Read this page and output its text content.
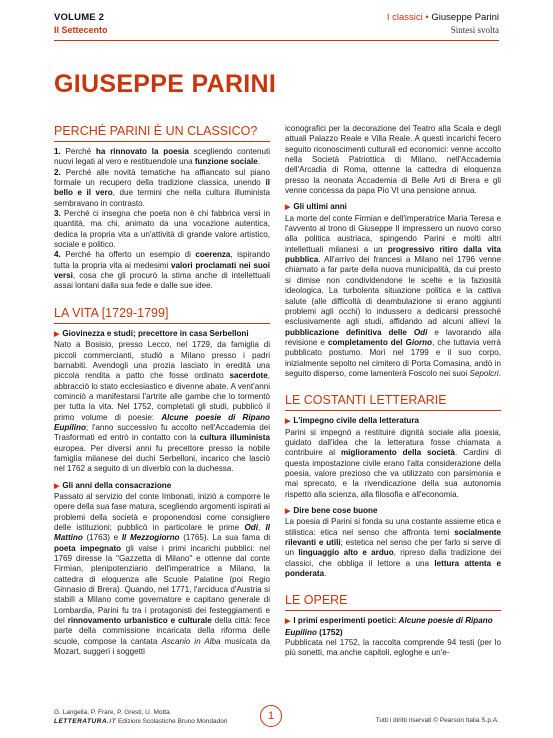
VOLUME 2
Il Settecento
I classici • Giuseppe Parini
Sintesi svolta
GIUSEPPE PARINI
PERCHÉ PARINI È UN CLASSICO?

1. Perché ha rinnovato la poesia scegliendo contenuti nuovi legati al vero e restituendole una funzione sociale.

2. Perché alle novità tematiche ha affiancato sul piano formale un recupero della tradizione classica, unendo il bello e il vero, due termini che nella cultura illuminista sembravano in contrasto.

3. Perché ci insegna che poeta non è chi fabbrica versi in quantità, ma chi, animato da una vocazione autentica, dedica la propria vita a un'attività di grande valore artistico, sociale e politico.

4. Perché ha offerto un esempio di coerenza, ispirando tutta la propria vita ai medesimi valori proclamati nei suoi versi, cosa che gli procurò la stima anche di intellettuali assai lontani dalla sua fede e dalle sue idee.

LA VITA [1729-1799]
▶ Giovinezza e studi; precettore in casa Serbelloni

Nato a Bosisio, presso Lecco, nel 1729, da famiglia di piccoli commercianti, studiò a Milano presso i padri barnabiti. Avendogli una prozia lasciato in eredità una piccola rendita a patto che fosse ordinato sacerdote, abbracciò lo stato ecclesiastico e divenne abate. A vent'anni cominciò a manifestarsi l'artrite alle gambe che lo tormentò per tutta la vita. Nel 1752, completati gli studi, pubblicò il primo volume di poesie: Alcune poesie di Ripano Eupilino; l'anno successivo fu accolto nell'Accademia dei Trasformati ed entrò in contatto con la cultura illuminista europea. Per diversi anni fu precettore presso la nobile famiglia milanese dei duchi Serbelloni, incarico che lasciò nel 1762 a seguito di un diverbio con la duchessa.

▶ Gli anni della consacrazione

Passato al servizio del conte Imbonati, iniziò a comporre le opere della sua fase matura, scegliendo argomenti ispirati ai problemi della società e proponendosi come consigliere delle istituzioni; pubblicò in particolare le prime Odi, Il Mattino (1763) e Il Mezzogiorno (1765). La sua fama di poeta impegnato gli valse i primi incarichi pubblici: nel 1769 diresse la "Gazzetta di Milano" e ottenne dal conte Firmian, plenipotenziario dell'imperatrice a Milano, la cattedra di eloquenza alle Scuole Palatine (poi Regio Ginnasio di Brera). Quando, nel 1771, l'arciduca d'Austria si stabilì a Milano come governatore e capitano generale di Lombardia, Parini fu tra i protagonisti dei festeggiamenti e del rinnovamento urbanistico e culturale della città: fece parte della commissione incaricata della riforma delle scuole, compose la cantata Ascanio in Alba musicata da Mozart, suggerì i soggetti

iconografici per la decorazione del Teatro alla Scala e degli attuali Palazzo Reale e Villa Reale. A questi incarichi fecero seguito riconoscimenti culturali ed economici: venne accolto nella Società Patriottica di Milano, nell'Accademia dell'Arcadia di Roma, ottenne la cattedra di eloquenza presso la neonata Accademia di Belle Arti di Brera e gli venne concessa da papa Pio VI una pensione annua.

▶ Gli ultimi anni

La morte del conte Firmian e dell'imperatrice Maria Teresa e l'avvento al trono di Giuseppe II impressero un nuovo corso alla politica austriaca, spingendo Parini e molti altri intellettuali milanesi a un progressivo ritiro dalla vita pubblica. All'arrivo dei francesi a Milano nel 1796 venne chiamato a far parte della nuova municipalità, da cui presto si dimise non condividendone le scelte e la faziosità ideologica. La turbolenta situazione politica e la cattiva salute (alle difficoltà di deambulazione si erano aggiunti problemi agli occhi) lo indussero a dedicarsi pressoché esclusivamente agli studi, affidando ad alcuni allievi la pubblicazione definitiva delle Odi e lavorando alla revisione e completamento del Giorno, che tuttavia verrà pubblicato postumo. Morì nel 1799 e il suo corpo, inizialmente sepolto nel cimitero di Porta Comasina, andò in seguito disperso, come lamenterà Foscolo nei suoi Sepolcri.

LE COSTANTI LETTERARIE
▶ L'impegno civile della letteratura

Parini si impegnò a restituire dignità sociale alla poesia, guidato dall'idea che la letteratura fosse chiamata a contribuire al miglioramento della società. Cardini di questa impostazione civile erano l'alta considerazione della poesia, valore prezioso che va utilizzato con parsimonia e mai sprecato, e la rivendicazione della sua autonomia rispetto alla scienza, alla filosofia e all'economia.

▶ Dire bene cose buone

La poesia di Parini si fonda su una costante assieme etica e stilistica: etica nel senso che affronta temi socialmente rilevanti e utili; estetica nel senso che per farlo si serve di un linguaggio alto e arduo, ripreso dalla tradizione dei classici, che obbliga il lettore a una lettura attenta e ponderata.

LE OPERE
▶ I primi esperimenti poetici: Alcune poesie di Ripano Eupilino (1752)

Pubblicata nel 1752, la raccolta comprende 94 testi (per lo più sonetti, ma anche capitoli, egloghe e un'e-

G. Langella, P. Frare, P. Gresti, U. Motta
LETTERATURA.IT Edizioni Scolastiche Bruno Mondadori	1	Tutti i diritti riservati © Pearson Italia S.p.A.
